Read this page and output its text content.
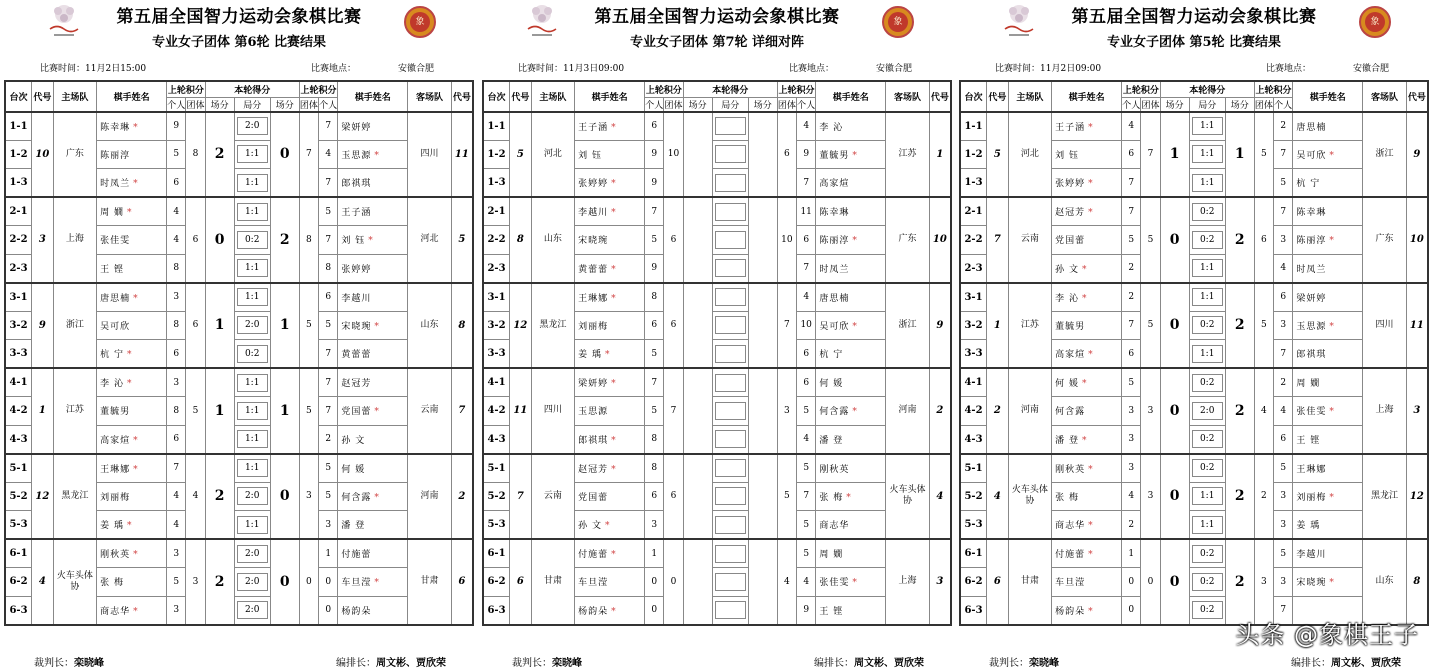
第五届全国智力运动会象棋比赛	象
专业女子团体 第6轮 比赛结果
比赛时间：11月2日15:00	比赛地点：	安徽合肥
台次	代号	主场队	棋手姓名	上轮积分		本轮得分			上轮积分		棋手姓名	客场队	代号
				个人	团体	场分	局分	场分	团体	个人			
1-1	10	广东	陈幸琳 *	9	8	2	2:0	0	7	7	梁妍婷	四川	11
1-2			陈丽淳	5			1:1			4	玉思源 *		
1-3			时凤兰 *	6			1:1			7	郎祺琪		
2-1	3	上海	周 嫺 *	4	6	0	1:1	2	8	5	王子涵	河北	5
2-2			张佳雯	4			0:2			7	刘 钰 *		
2-3			王 铿	8			1:1			8	张婷婷		
3-1	9	浙江	唐思楠 *	3	6	1	1:1	1	5	6	李越川	山东	8
3-2			吴可欣	8			2:0			5	宋晓琬 *		
3-3			杭 宁 *	6			0:2			7	黄蕾蕾		
4-1	1	江苏	李 沁 *	3	5	1	1:1	1	5	7	赵冠芳	云南	7
4-2			董毓男	8			1:1			7	党国蕾 *		
4-3			高家煊 *	6			1:1			2	孙 文		
5-1	12	黑龙江	王琳娜 *	7	4	2	1:1	0	3	5	何 媛	河南	2
5-2			刘丽梅	4			2:0			5	何含露 *		
5-3			姜 瑀 *	4			1:1			3	潘 登		
6-1	4	火车头体协	刚秋英 *	3	3	2	2:0	0	0	1	付施蕾	甘肃	6
6-2			张 梅	5			2:0			0	车旦滢 *		
6-3			商志华 *	3			2:0			0	杨韵朵		
裁判长：栾晓峰	编排长：周文彬、贾欣荣
第五届全国智力运动会象棋比赛	象
专业女子团体 第7轮 详细对阵
比赛时间：11月3日09:00	比赛地点：	安徽合肥
台次	代号	主场队	棋手姓名	上轮积分		本轮得分			上轮积分		棋手姓名	客场队	代号
				个人	团体	场分	局分	场分	团体	个人			
1-1	5	河北	王子涵 *	6	10				6	4	李 沁	江苏	1
1-2			刘 钰	9						9	董毓男 *		
1-3			张婷婷 *	9						7	高家煊		
2-1	8	山东	李越川 *	7	6				10	11	陈幸琳	广东	10
2-2			宋晓琬	5						6	陈丽淳 *		
2-3			黄蕾蕾 *	9						7	时凤兰		
3-1	12	黑龙江	王琳娜 *	8	6				7	4	唐思楠	浙江	9
3-2			刘丽梅	6						10	吴可欣 *		
3-3			姜 瑀 *	5						6	杭 宁		
4-1	11	四川	梁妍婷 *	7	7				3	6	何 媛	河南	2
4-2			玉思源	5						5	何含露 *		
4-3			郎祺琪 *	8						4	潘 登		
5-1	7	云南	赵冠芳 *	8	6				5	5	刚秋英	火车头体协	4
5-2			党国蕾	6						7	张 梅 *		
5-3			孙 文 *	3						5	商志华		
6-1	6	甘肃	付施蕾 *	1	0				4	5	周 嫺	上海	3
6-2			车旦滢	0						4	张佳雯 *		
6-3			杨韵朵 *	0						9	王 铿		
裁判长：栾晓峰	编排长：周文彬、贾欣荣
第五届全国智力运动会象棋比赛	象
专业女子团体 第5轮 比赛结果
比赛时间：11月2日09:00	比赛地点：	安徽合肥
台次	代号	主场队	棋手姓名	上轮积分		本轮得分			上轮积分		棋手姓名	客场队	代号
				个人	团体	场分	局分	场分	团体	个人			
1-1	5	河北	王子涵 *	4	7	1	1:1	1	5	2	唐思楠	浙江	9
1-2			刘 钰	6			1:1			7	吴可欣 *		
1-3			张婷婷 *	7			1:1			5	杭 宁		
2-1	7	云南	赵冠芳 *	7	5	0	0:2	2	6	7	陈幸琳	广东	10
2-2			党国蕾	5			0:2			3	陈丽淳 *		
2-3			孙 文 *	2			1:1			4	时凤兰		
3-1	1	江苏	李 沁 *	2	5	0	1:1	2	5	6	梁妍婷	四川	11
3-2			董毓男	7			0:2			3	玉思源 *		
3-3			高家煊 *	6			1:1			7	郎祺琪		
4-1	2	河南	何 媛 *	5	3	0	0:2	2	4	2	周 嫺	上海	3
4-2			何含露	3			2:0			4	张佳雯 *		
4-3			潘 登 *	3			0:2			6	王 铿		
5-1	4	火车头体协	刚秋英 *	3	3	0	0:2	2	2	5	王琳娜	黑龙江	12
5-2			张 梅	4			1:1			3	刘丽梅 *		
5-3			商志华 *	2			1:1			3	姜 瑀		
6-1	6	甘肃	付施蕾 *	1	0	0	0:2	2	3	5	李越川	山东	8
6-2			车旦滢	0			0:2			3	宋晓琬 *		
6-3			杨韵朵 *	0			0:2			7			
裁判长：栾晓峰	编排长：周文彬、贾欣荣
头条 @象棋王子
